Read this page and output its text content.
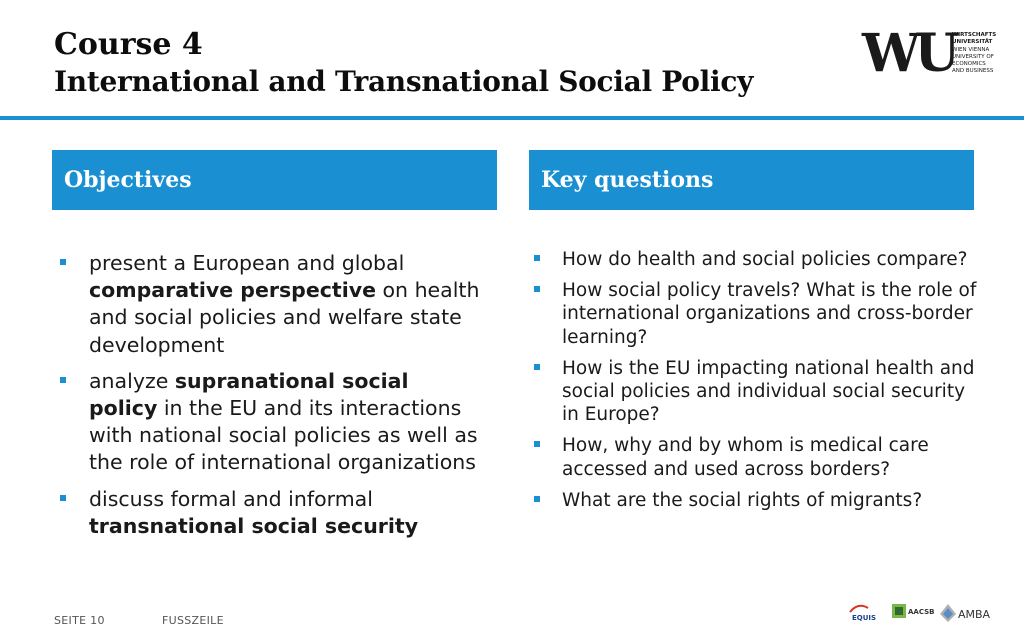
Course 4
International and Transnational Social Policy WU
WIRTSCHAFTS
UNIVERSITÄT
WIEN VIENNA
UNIVERSITY OF
ECONOMICS
AND BUSINESS
Objectives	Key questions
present a European and global comparative perspective on health and social policies and welfare state development
analyze supranational social policy in the EU and its interactions with national social policies as well as the role of international organizations
discuss formal and informal transnational social security
How do health and social policies compare?
How social policy travels? What is the role of international organizations and cross-border learning?
How is the EU impacting national health and social policies and individual social security in Europe?
How, why and by whom is medical care accessed and used across borders?
What are the social rights of migrants?
SEITE 10	FUSSZEILE	EQUIS
AACSB AMBA
